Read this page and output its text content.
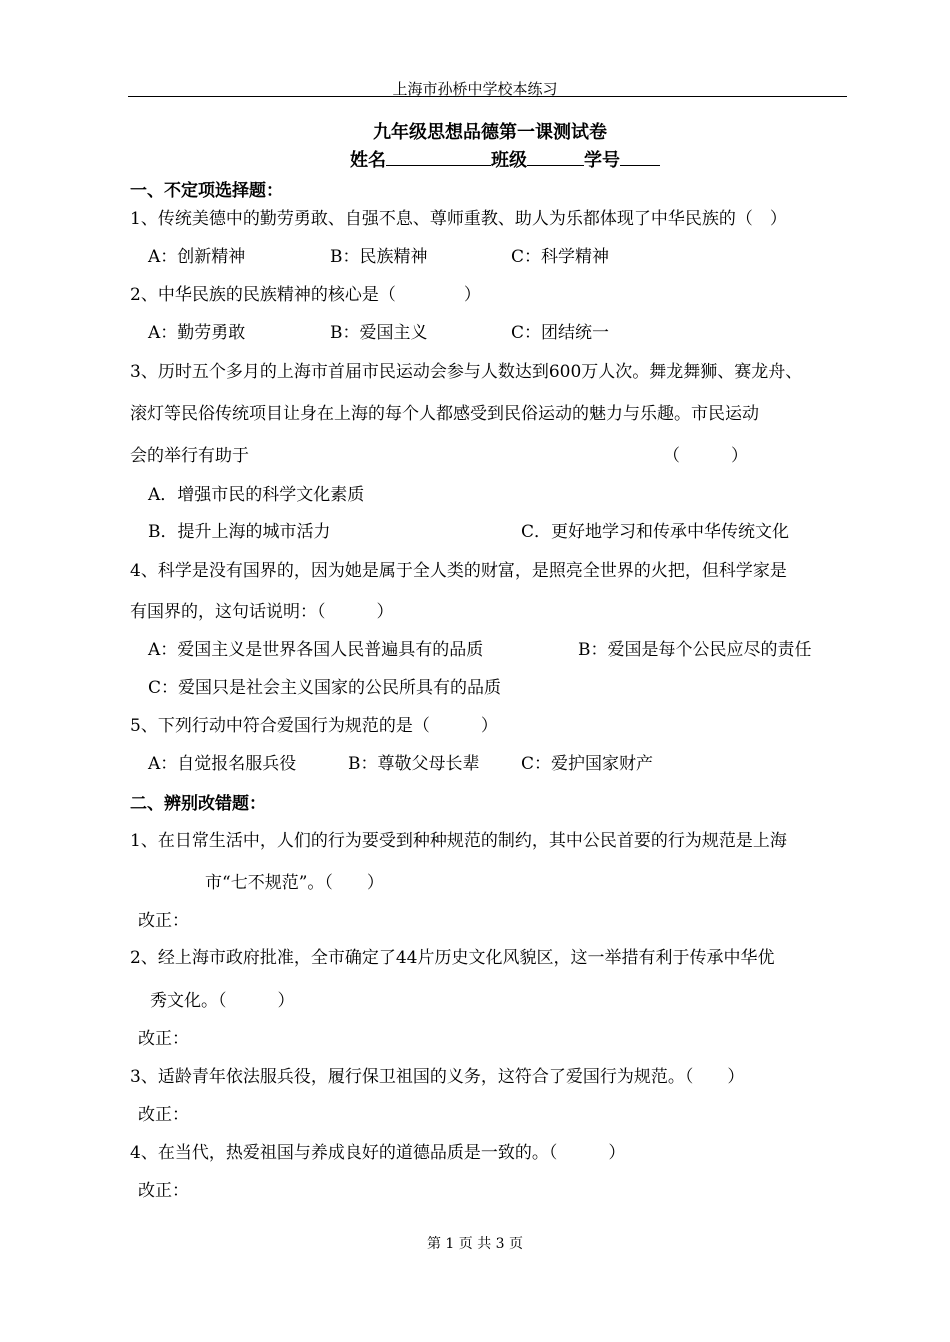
上海市孙桥中学校本练习
九年级思想品德第一课测试卷
姓名	班级	学号
一、不定项选择题：
1、传统美德中的勤劳勇敢、自强不息、尊师重教、助人为乐都体现了中华民族的（　）
A：创新精神	B：民族精神	C：科学精神
2、中华民族的民族精神的核心是（　　　　）
A：勤劳勇敢	B：爱国主义	C：团结统一
3、历时五个多月的上海市首届市民运动会参与人数达到600万人次。舞龙舞狮、赛龙舟、
滚灯等民俗传统项目让身在上海的每个人都感受到民俗运动的魅力与乐趣。市民运动
会的举行有助于	（　　　）
A．增强市民的科学文化素质
B．提升上海的城市活力	C．更好地学习和传承中华传统文化
4、科学是没有国界的，因为她是属于全人类的财富，是照亮全世界的火把，但科学家是
有国界的，这句话说明：（　　　）
A：爱国主义是世界各国人民普遍具有的品质	B：爱国是每个公民应尽的责任
C：爱国只是社会主义国家的公民所具有的品质
5、下列行动中符合爱国行为规范的是（　　　）
A：自觉报名服兵役	B：尊敬父母长辈 C：爱护国家财产
二、辨别改错题：
1、在日常生活中，人们的行为要受到种种规范的制约，其中公民首要的行为规范是上海
市“七不规范”。（　　）
改正：
2、经上海市政府批准，全市确定了44片历史文化风貌区，这一举措有利于传承中华优
秀文化。（　　　）
改正：
3、适龄青年依法服兵役，履行保卫祖国的义务，这符合了爱国行为规范。（　　）
改正：
4、在当代，热爱祖国与养成良好的道德品质是一致的。（　　　）
改正：
第 1 页 共 3 页
